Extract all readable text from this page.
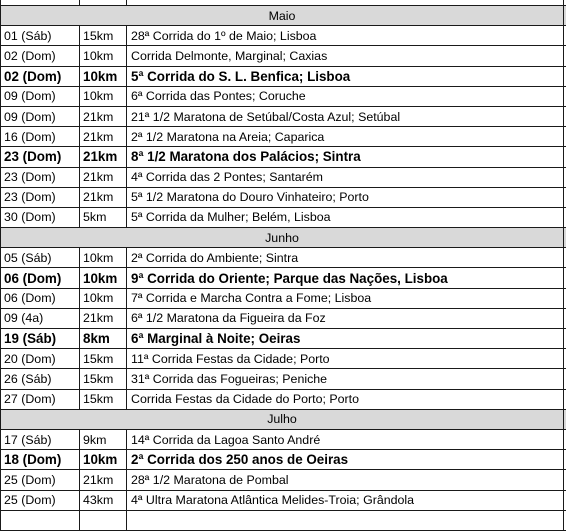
Maio
01 (Sáb)	15km	28ª Corrida do 1º de Maio; Lisboa
02 (Dom)	10km	Corrida Delmonte, Marginal; Caxias
02 (Dom)	10km	5ª Corrida do S. L. Benfica; Lisboa
09 (Dom)	10km	6ª Corrida das Pontes; Coruche
09 (Dom)	21km	21ª 1/2 Maratona de Setúbal/Costa Azul; Setúbal
16 (Dom)	21km	2ª 1/2 Maratona na Areia; Caparica
23 (Dom)	21km	8ª 1/2 Maratona dos Palácios; Sintra
23 (Dom)	21km	4ª Corrida das 2 Pontes; Santarém
23 (Dom)	21km	5ª 1/2 Maratona do Douro Vinhateiro; Porto
30 (Dom)	5km	5ª Corrida da Mulher; Belém, Lisboa
Junho
05 (Sáb)	10km	2ª Corrida do Ambiente; Sintra
06 (Dom)	10km	9ª Corrida do Oriente; Parque das Nações, Lisboa
06 (Dom)	10km	7ª Corrida e Marcha Contra a Fome; Lisboa
09 (4a)	21km	6ª 1/2 Maratona da Figueira da Foz
19 (Sáb)	8km	6ª Marginal à Noite; Oeiras
20 (Dom)	15km	11ª Corrida Festas da Cidade; Porto
26 (Sáb)	15km	31ª Corrida das Fogueiras; Peniche
27 (Dom)	15km	Corrida Festas da Cidade do Porto; Porto
Julho
17 (Sáb)	9km	14ª Corrida da Lagoa Santo André
18 (Dom)	10km	2ª Corrida dos 250 anos de Oeiras
25 (Dom)	21km	28ª 1/2 Maratona de Pombal
25 (Dom)	43km	4ª Ultra Maratona Atlântica Melides-Troia; Grândola
